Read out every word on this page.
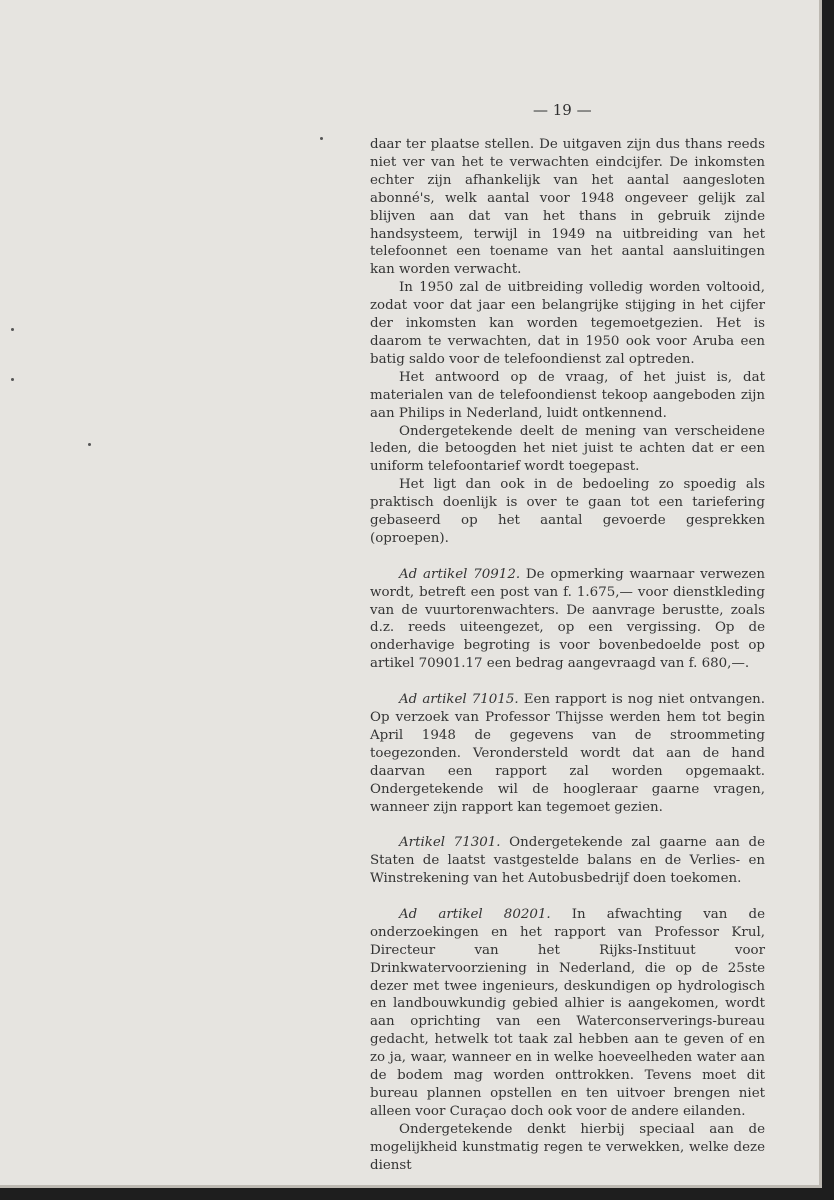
— 19 —

daar ter plaatse stellen. De uitgaven zijn dus thans reeds niet ver van het te verwachten eindcijfer. De inkomsten echter zijn afhankelijk van het aantal aangesloten abonné's, welk aantal voor 1948 ongeveer gelijk zal blijven aan dat van het thans in gebruik zijnde handsysteem, terwijl in 1949 na uitbreiding van het telefoonnet een toename van het aantal aansluitingen kan worden verwacht.

In 1950 zal de uitbreiding volledig worden voltooid, zodat voor dat jaar een belangrijke stijging in het cijfer der inkomsten kan worden tegemoetgezien. Het is daarom te verwachten, dat in 1950 ook voor Aruba een batig saldo voor de telefoondienst zal optreden.

Het antwoord op de vraag, of het juist is, dat materialen van de telefoondienst tekoop aangeboden zijn aan Philips in Nederland, luidt ontkennend.

Ondergetekende deelt de mening van verscheidene leden, die betoogden het niet juist te achten dat er een uniform telefoontarief wordt toegepast.

Het ligt dan ook in de bedoeling zo spoedig als praktisch doenlijk is over te gaan tot een tariefering gebaseerd op het aantal gevoerde gesprekken (oproepen).

Ad artikel 70912. De opmerking waarnaar verwezen wordt, betreft een post van f. 1.675,— voor dienstkleding van de vuurtorenwachters. De aanvrage berustte, zoals d.z. reeds uiteengezet, op een vergissing. Op de onderhavige begroting is voor bovenbedoelde post op artikel 70901.17 een bedrag aangevraagd van f. 680,—.

Ad artikel 71015. Een rapport is nog niet ontvangen. Op verzoek van Professor Thijsse werden hem tot begin April 1948 de gegevens van de stroommeting toegezonden. Verondersteld wordt dat aan de hand daarvan een rapport zal worden opgemaakt. Ondergetekende wil de hoogleraar gaarne vragen, wanneer zijn rapport kan tegemoet gezien.

Artikel 71301. Ondergetekende zal gaarne aan de Staten de laatst vastgestelde balans en de Verlies- en Winstrekening van het Autobusbedrijf doen toekomen.

Ad artikel 80201. In afwachting van de onderzoekingen en het rapport van Professor Krul, Directeur van het Rijks-Instituut voor Drinkwatervoorziening in Nederland, die op de 25ste dezer met twee ingenieurs, deskundigen op hydrologisch en landbouwkundig gebied alhier is aangekomen, wordt aan oprichting van een Waterconserverings-bureau gedacht, hetwelk tot taak zal hebben aan te geven of en zo ja, waar, wanneer en in welke hoeveelheden water aan de bodem mag worden onttrokken. Tevens moet dit bureau plannen opstellen en ten uitvoer brengen niet alleen voor Curaçao doch ook voor de andere eilanden.

Ondergetekende denkt hierbij speciaal aan de mogelijkheid kunstmatig regen te verwekken, welke deze dienst
